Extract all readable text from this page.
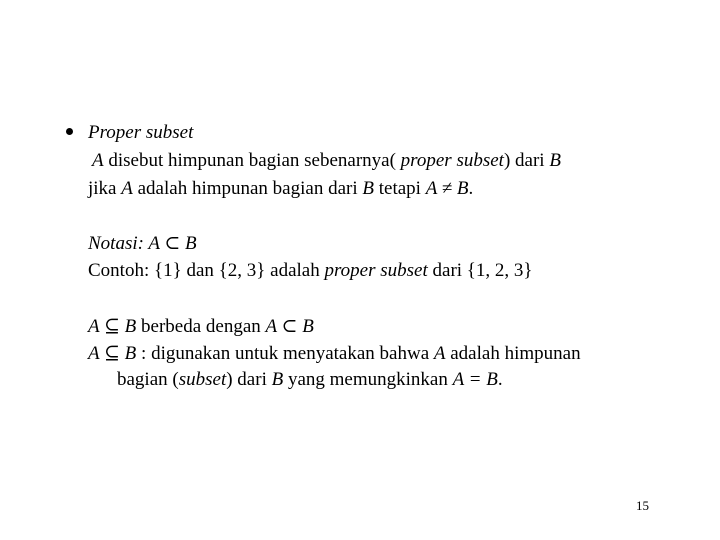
Proper subset
A disebut himpunan bagian sebenarnya( proper subset) dari B
jika A adalah himpunan bagian dari B tetapi A ≠ B.
Notasi: A ⊂ B
Contoh: {1} dan {2, 3} adalah proper subset dari {1, 2, 3}
A ⊆ B berbeda dengan A ⊂ B
A ⊆ B : digunakan untuk menyatakan bahwa A adalah himpunan
bagian (subset) dari B yang memungkinkan A = B.
15
